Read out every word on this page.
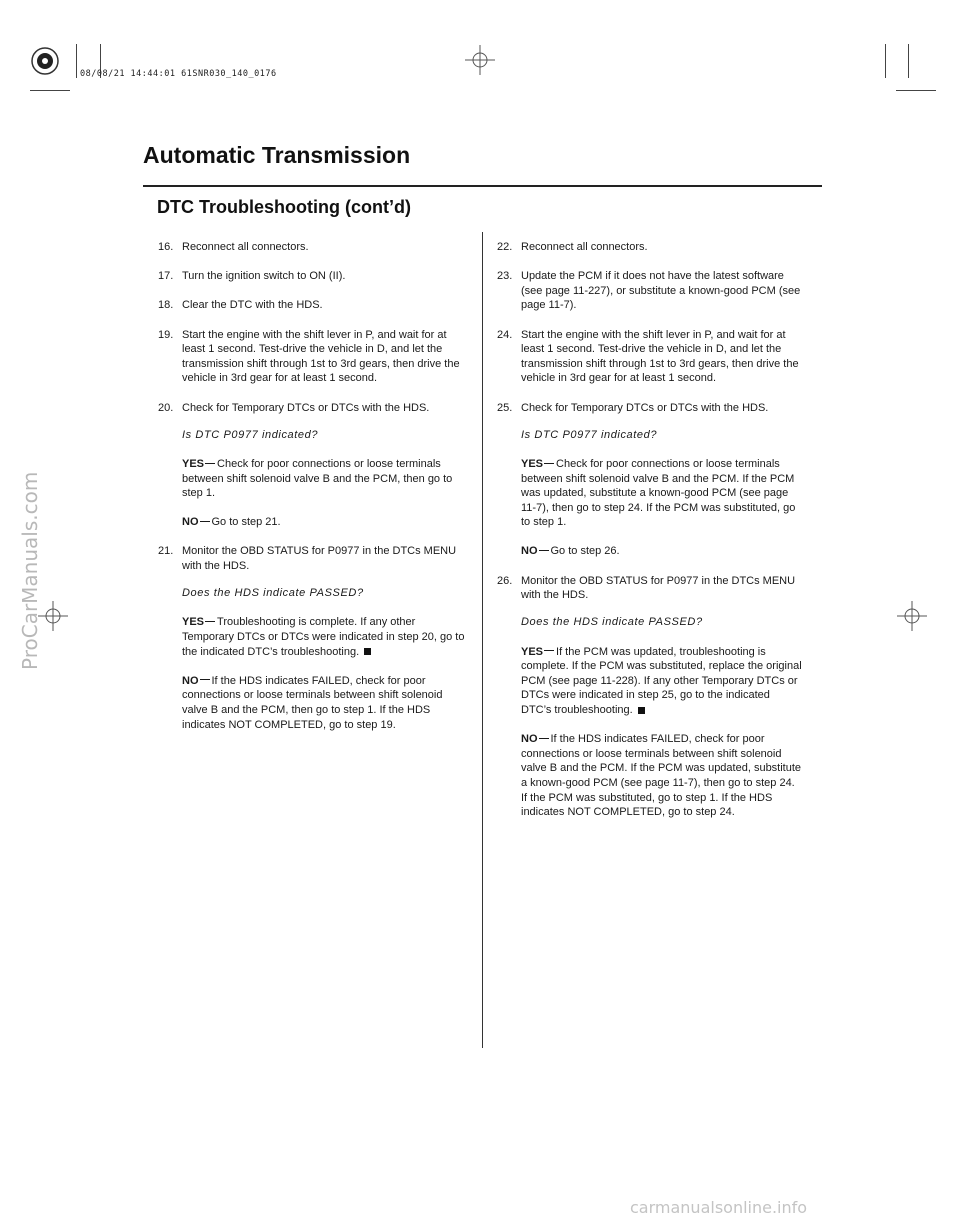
08/08/21 14:44:01 61SNR030_140_0176
ProCarManuals.com
Automatic Transmission
DTC Troubleshooting (cont’d)
16. Reconnect all connectors.
17. Turn the ignition switch to ON (II).
18. Clear the DTC with the HDS.
19. Start the engine with the shift lever in P, and wait for at least 1 second. Test-drive the vehicle in D, and let the transmission shift through 1st to 3rd gears, then drive the vehicle in 3rd gear for at least 1 second.
20. Check for Temporary DTCs or DTCs with the HDS.
Is DTC P0977 indicated?
YES Check for poor connections or loose terminals between shift solenoid valve B and the PCM, then go to step 1.
NO Go to step 21.
21. Monitor the OBD STATUS for P0977 in the DTCs MENU with the HDS.
Does the HDS indicate PASSED?
YES Troubleshooting is complete. If any other Temporary DTCs or DTCs were indicated in step 20, go to the indicated DTC’s troubleshooting.
NO If the HDS indicates FAILED, check for poor connections or loose terminals between shift solenoid valve B and the PCM, then go to step 1. If the HDS indicates NOT COMPLETED, go to step 19.
22. Reconnect all connectors.
23. Update the PCM if it does not have the latest software (see page 11-227), or substitute a known-good PCM (see page 11-7).
24. Start the engine with the shift lever in P, and wait for at least 1 second. Test-drive the vehicle in D, and let the transmission shift through 1st to 3rd gears, then drive the vehicle in 3rd gear for at least 1 second.
25. Check for Temporary DTCs or DTCs with the HDS.
Is DTC P0977 indicated?
YES Check for poor connections or loose terminals between shift solenoid valve B and the PCM. If the PCM was updated, substitute a known-good PCM (see page 11-7), then go to step 24. If the PCM was substituted, go to step 1.
NO Go to step 26.
26. Monitor the OBD STATUS for P0977 in the DTCs MENU with the HDS.
Does the HDS indicate PASSED?
YES If the PCM was updated, troubleshooting is complete. If the PCM was substituted, replace the original PCM (see page 11-228). If any other Temporary DTCs or DTCs were indicated in step 25, go to the indicated DTC’s troubleshooting.
NO If the HDS indicates FAILED, check for poor connections or loose terminals between shift solenoid valve B and the PCM. If the PCM was updated, substitute a known-good PCM (see page 11-7), then go to step 24. If the PCM was substituted, go to step 1. If the HDS indicates NOT COMPLETED, go to step 24.
carmanualsonline.info
